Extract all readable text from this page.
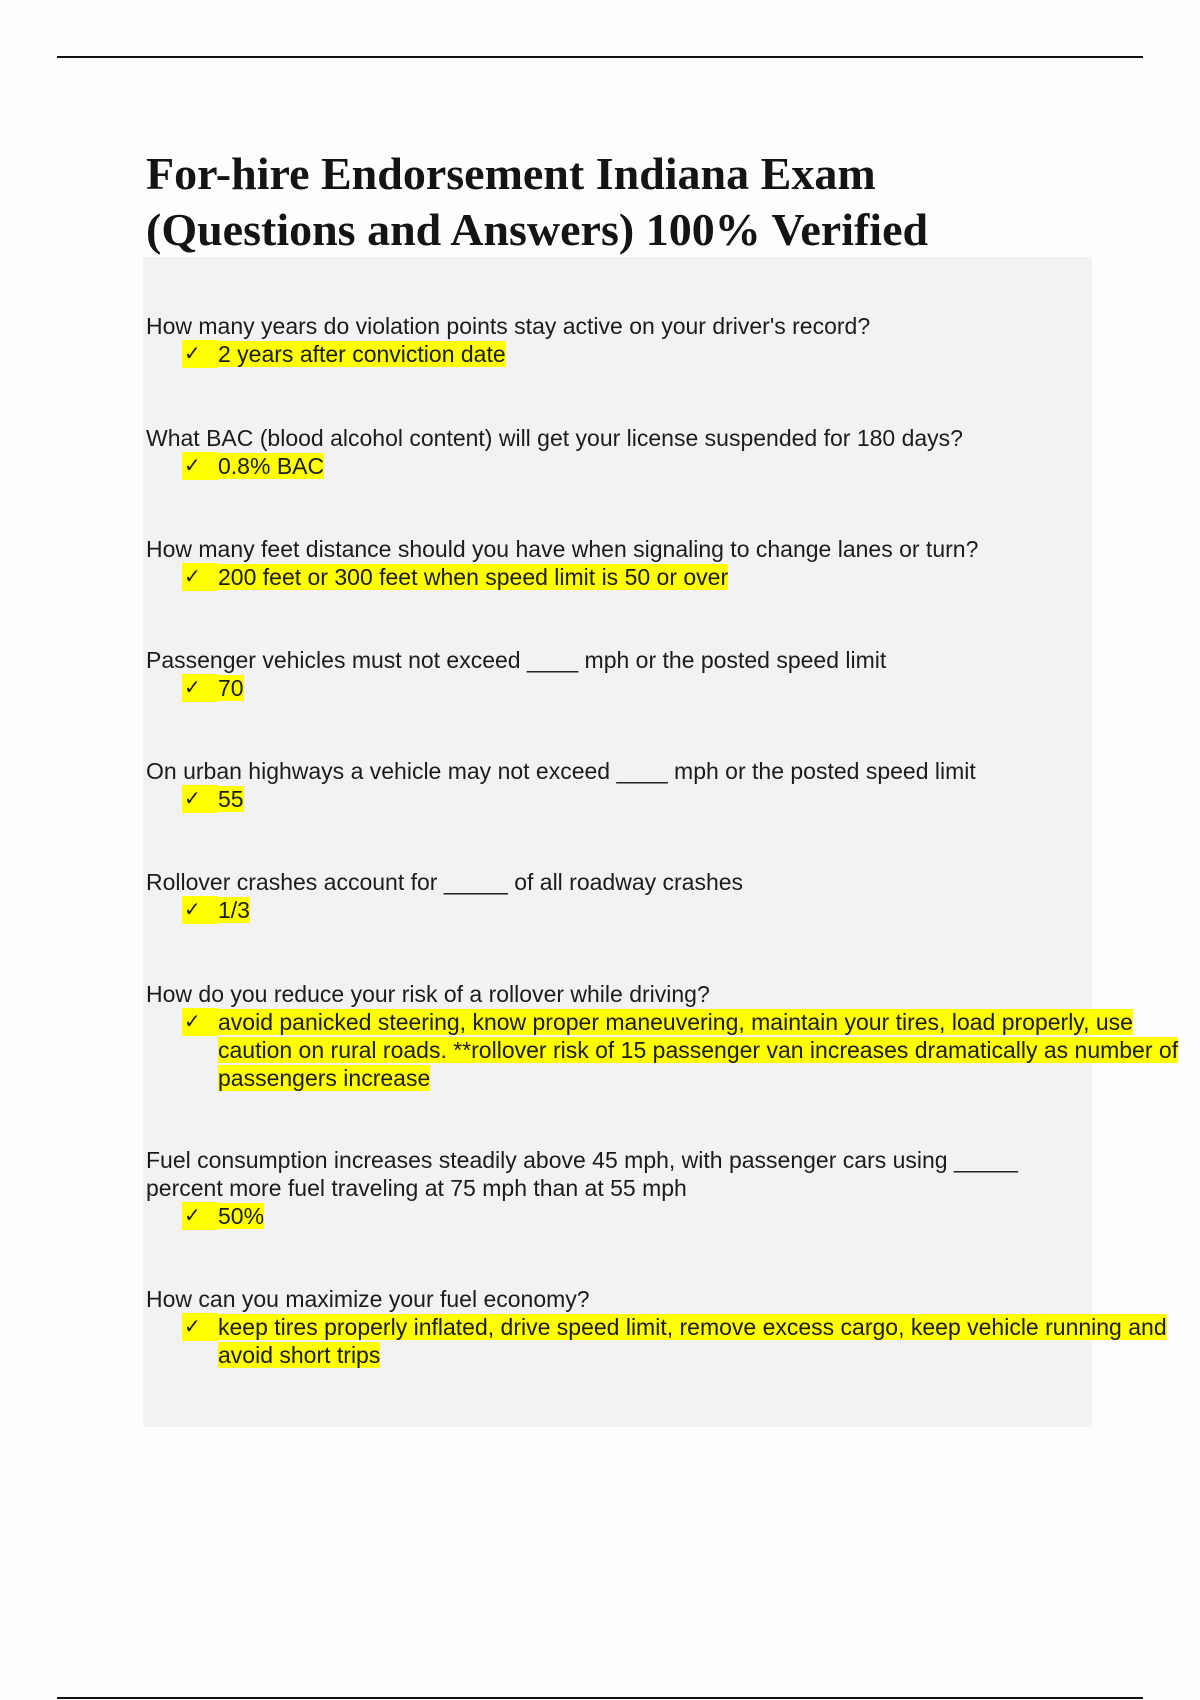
For-hire Endorsement Indiana Exam
(Questions and Answers) 100% Verified

How many years do violation points stay active on your driver's record?

✓ 2 years after conviction date

What BAC (blood alcohol content) will get your license suspended for 180 days?

✓ 0.8% BAC

How many feet distance should you have when signaling to change lanes or turn?

✓ 200 feet or 300 feet when speed limit is 50 or over

Passenger vehicles must not exceed ____ mph or the posted speed limit

✓ 70

On urban highways a vehicle may not exceed ____ mph or the posted speed limit

✓ 55

Rollover crashes account for _____ of all roadway crashes

✓ 1/3

How do you reduce your risk of a rollover while driving?

✓ avoid panicked steering, know proper maneuvering, maintain your tires, load properly, use caution on rural roads. **rollover risk of 15 passenger van increases dramatically as number of passengers increase

Fuel consumption increases steadily above 45 mph, with passenger cars using _____ percent more fuel traveling at 75 mph than at 55 mph

✓ 50%

How can you maximize your fuel economy?

✓ keep tires properly inflated, drive speed limit, remove excess cargo, keep vehicle running and avoid short trips
